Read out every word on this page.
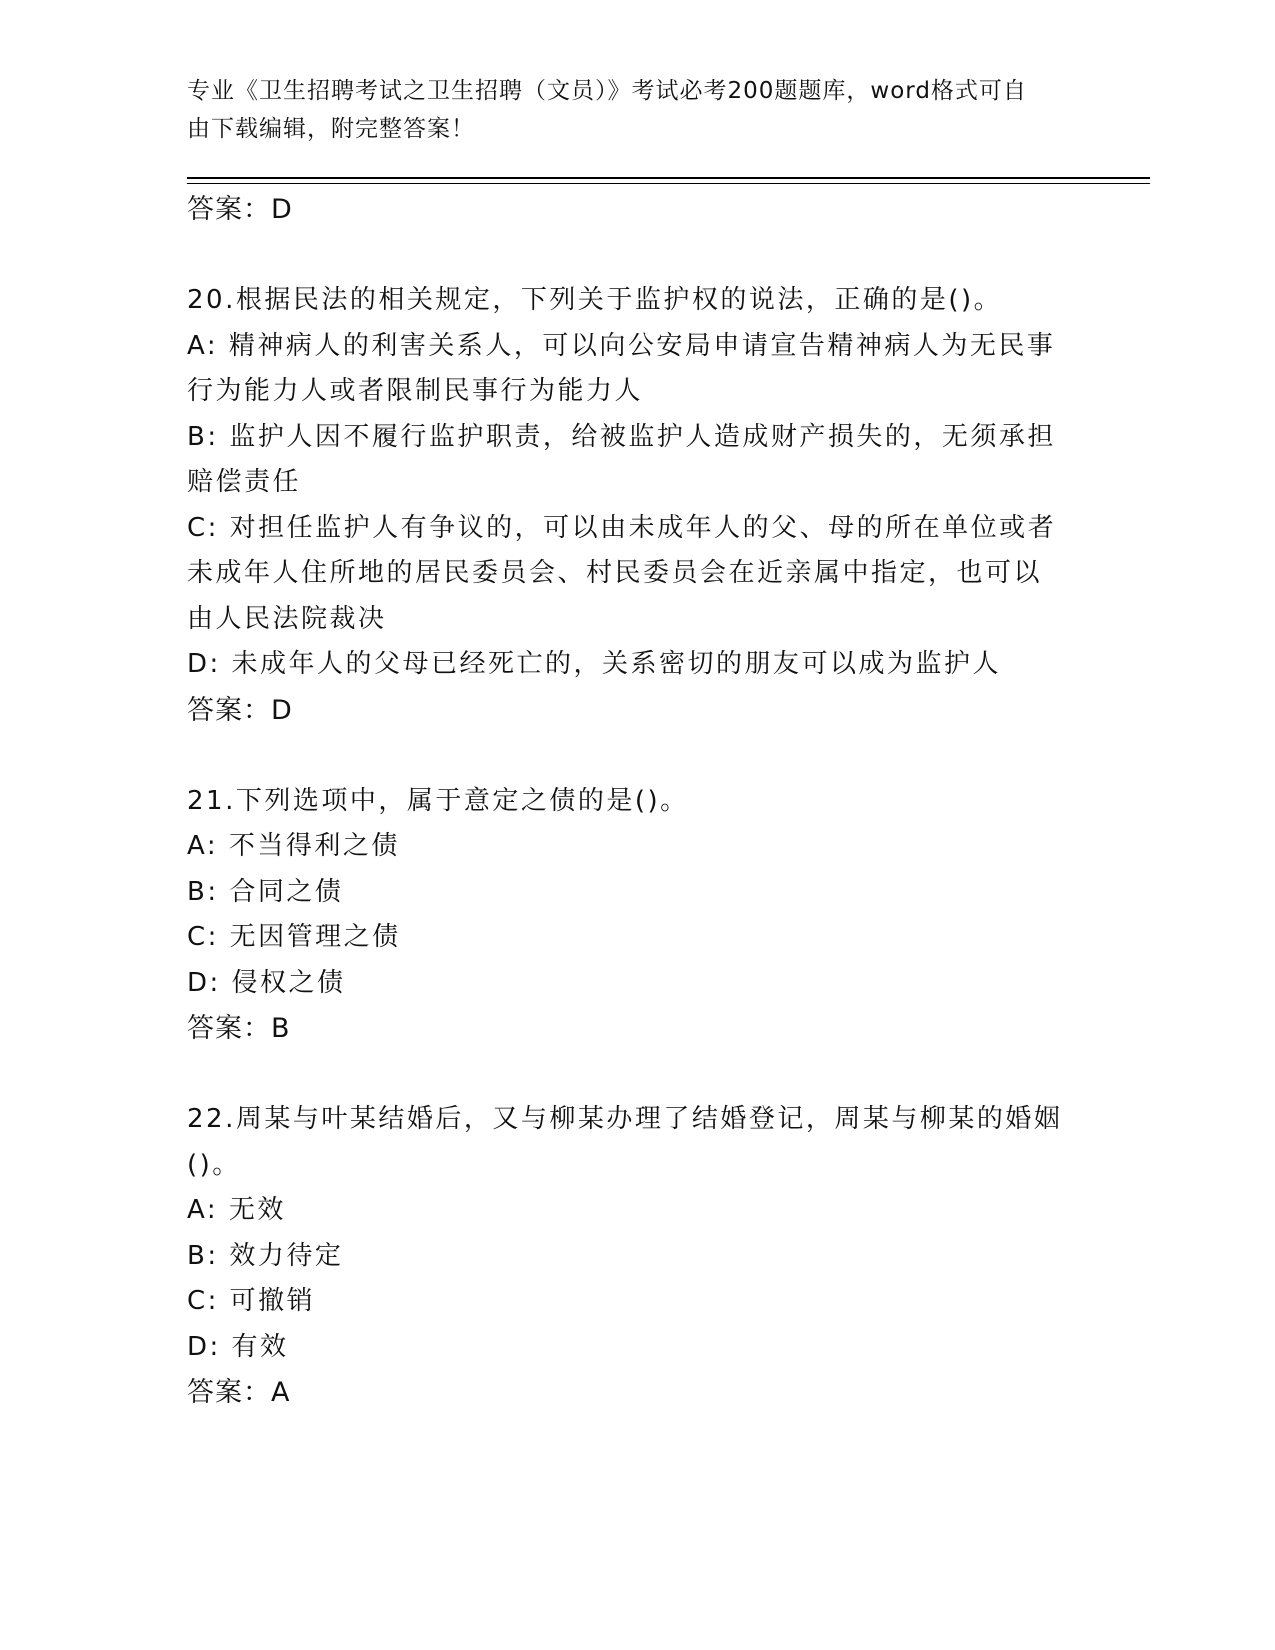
专业《卫生招聘考试之卫生招聘（文员）》考试必考200题题库，word格式可自
由下载编辑，附完整答案！
答案：D
20.根据民法的相关规定，下列关于监护权的说法，正确的是()。
A: 精神病人的利害关系人，可以向公安局申请宣告精神病人为无民事
行为能力人或者限制民事行为能力人
B: 监护人因不履行监护职责，给被监护人造成财产损失的，无须承担
赔偿责任
C: 对担任监护人有争议的，可以由未成年人的父、母的所在单位或者
未成年人住所地的居民委员会、村民委员会在近亲属中指定，也可以
由人民法院裁决
D: 未成年人的父母已经死亡的，关系密切的朋友可以成为监护人
答案：D
21.下列选项中，属于意定之债的是()。
A: 不当得利之债
B: 合同之债
C: 无因管理之债
D: 侵权之债
答案：B
22.周某与叶某结婚后，又与柳某办理了结婚登记，周某与柳某的婚姻
()。
A: 无效
B: 效力待定
C: 可撤销
D: 有效
答案：A
